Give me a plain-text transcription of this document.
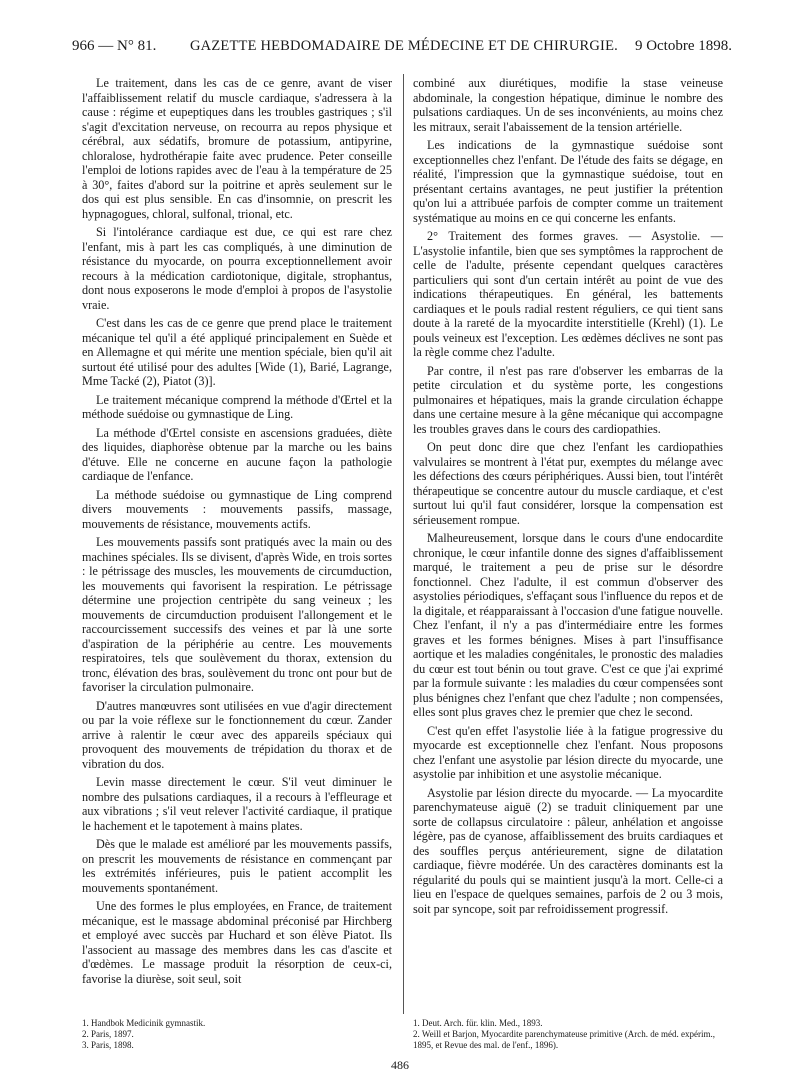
966 — N° 81. GAZETTE HEBDOMADAIRE DE MÉDECINE ET DE CHIRURGIE. 9 Octobre 1898.

Le traitement, dans les cas de ce genre, avant de viser l'affaiblissement relatif du muscle cardiaque, s'adressera à la cause : régime et eupeptiques dans les troubles gastriques ; s'il s'agit d'excitation nerveuse, on recourra au repos physique et cérébral, aux sédatifs, bromure de potassium, antipyrine, chloralose, hydrothérapie faite avec prudence. Peter conseille l'emploi de lotions rapides avec de l'eau à la température de 25 à 30°, faites d'abord sur la poitrine et après seulement sur le dos qui est plus sensible. En cas d'insomnie, on prescrit les hypnagogues, chloral, sulfonal, trional, etc.

Si l'intolérance cardiaque est due, ce qui est rare chez l'enfant, mis à part les cas compliqués, à une diminution de résistance du myocarde, on pourra exceptionnellement avoir recours à la médication cardiotonique, digitale, strophantus, dont nous exposerons le mode d'emploi à propos de l'asystolie vraie.

C'est dans les cas de ce genre que prend place le traitement mécanique tel qu'il a été appliqué principalement en Suède et en Allemagne et qui mérite une mention spéciale, bien qu'il ait surtout été utilisé pour des adultes [Wide (1), Barié, Lagrange, Mme Tacké (2), Piatot (3)].

Le traitement mécanique comprend la méthode d'Œrtel et la méthode suédoise ou gymnastique de Ling.

La méthode d'Œrtel consiste en ascensions graduées, diète des liquides, diaphorèse obtenue par la marche ou les bains d'étuve. Elle ne concerne en aucune façon la pathologie cardiaque de l'enfance.

La méthode suédoise ou gymnastique de Ling comprend divers mouvements : mouvements passifs, massage, mouvements de résistance, mouvements actifs.

Les mouvements passifs sont pratiqués avec la main ou des machines spéciales. Ils se divisent, d'après Wide, en trois sortes : le pétrissage des muscles, les mouvements de circumduction, les mouvements qui favorisent la respiration. Le pétrissage détermine une projection centripète du sang veineux ; les mouvements de circumduction produisent l'allongement et le raccourcissement successifs des veines et par là une sorte d'aspiration de la périphérie au centre. Les mouvements respiratoires, tels que soulèvement du thorax, extension du tronc, élévation des bras, soulèvement du tronc ont pour but de favoriser la circulation pulmonaire.

D'autres manœuvres sont utilisées en vue d'agir directement ou par la voie réflexe sur le fonctionnement du cœur. Zander arrive à ralentir le cœur avec des appareils spéciaux qui provoquent des mouvements de trépidation du thorax et de vibration du dos.

Levin masse directement le cœur. S'il veut diminuer le nombre des pulsations cardiaques, il a recours à l'effleurage et aux vibrations ; s'il veut relever l'activité cardiaque, il pratique le hachement et le tapotement à mains plates.

Dès que le malade est amélioré par les mouvements passifs, on prescrit les mouvements de résistance en commençant par les extrémités inférieures, puis le patient accomplit les mouvements spontanément.

Une des formes le plus employées, en France, de traitement mécanique, est le massage abdominal préconisé par Hirchberg et employé avec succès par Huchard et son élève Piatot. Ils l'associent au massage des membres dans les cas d'ascite et d'œdèmes. Le massage produit la résorption de ceux-ci, favorise la diurèse, soit seul, soit

combiné aux diurétiques, modifie la stase veineuse abdominale, la congestion hépatique, diminue le nombre des pulsations cardiaques. Un de ses inconvénients, au moins chez les mitraux, serait l'abaissement de la tension artérielle.

Les indications de la gymnastique suédoise sont exceptionnelles chez l'enfant. De l'étude des faits se dégage, en réalité, l'impression que la gymnastique suédoise, tout en présentant certains avantages, ne peut justifier la prétention qu'on lui a attribuée parfois de compter comme un traitement systématique au moins en ce qui concerne les enfants.

2° Traitement des formes graves. — Asystolie. — L'asystolie infantile, bien que ses symptômes la rapprochent de celle de l'adulte, présente cependant quelques caractères particuliers qui sont d'un certain intérêt au point de vue des indications thérapeutiques. En général, les battements cardiaques et le pouls radial restent réguliers, ce qui tient sans doute à la rareté de la myocardite interstitielle (Krehl) (1). Le pouls veineux est l'exception. Les œdèmes déclives ne sont pas la règle comme chez l'adulte.

Par contre, il n'est pas rare d'observer les embarras de la petite circulation et du système porte, les congestions pulmonaires et hépatiques, mais la grande circulation échappe dans une certaine mesure à la gêne mécanique qui accompagne les troubles graves dans le cours des cardiopathies.

On peut donc dire que chez l'enfant les cardiopathies valvulaires se montrent à l'état pur, exemptes du mélange avec les défections des cœurs périphériques. Aussi bien, tout l'intérêt thérapeutique se concentre autour du muscle cardiaque, et c'est surtout lui qu'il faut considérer, lorsque la compensation est sérieusement rompue.

Malheureusement, lorsque dans le cours d'une endocardite chronique, le cœur infantile donne des signes d'affaiblissement marqué, le traitement a peu de prise sur le désordre fonctionnel. Chez l'adulte, il est commun d'observer des asystolies périodiques, s'effaçant sous l'influence du repos et de la digitale, et réapparaissant à l'occasion d'une fatigue nouvelle. Chez l'enfant, il n'y a pas d'intermédiaire entre les formes graves et les formes bénignes. Mises à part l'insuffisance aortique et les maladies congénitales, le pronostic des maladies du cœur est tout bénin ou tout grave. C'est ce que j'ai exprimé par la formule suivante : les maladies du cœur compensées sont plus bénignes chez l'enfant que chez l'adulte ; non compensées, elles sont plus graves chez le premier que chez le second.

C'est qu'en effet l'asystolie liée à la fatigue progressive du myocarde est exceptionnelle chez l'enfant. Nous proposons chez l'enfant une asystolie par lésion directe du myocarde, une asystolie par inhibition et une asystolie mécanique.

Asystolie par lésion directe du myocarde. — La myocardite parenchymateuse aiguë (2) se traduit cliniquement par une sorte de collapsus circulatoire : pâleur, anhélation et angoisse légère, pas de cyanose, affaiblissement des bruits cardiaques et des souffles perçus antérieurement, signe de dilatation cardiaque, fièvre modérée. Un des caractères dominants est la régularité du pouls qui se maintient jusqu'à la mort. Celle-ci a lieu en l'espace de quelques semaines, parfois de 2 ou 3 mois, soit par syncope, soit par refroidissement progressif.

1. Handbok Medicinik gymnastik.
2. Paris, 1897.
3. Paris, 1898.
1. Deut. Arch. für. klin. Med., 1893.
2. Weill et Barjon, Myocardite parenchymateuse primitive (Arch. de méd. expérim., 1895, et Revue des mal. de l'enf., 1896).
486
